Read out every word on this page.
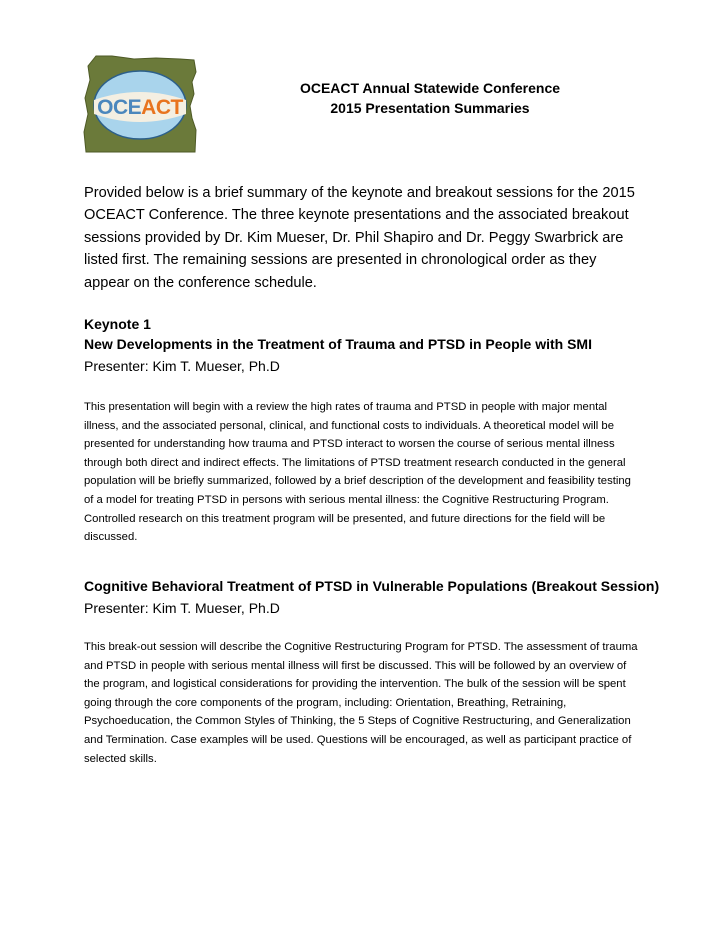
OCEACT
OCEACT Annual Statewide Conference
2015 Presentation Summaries

Provided below is a brief summary of the keynote and breakout sessions for the 2015 OCEACT Conference. The three keynote presentations and the associated breakout sessions provided by Dr. Kim Mueser, Dr. Phil Shapiro and Dr. Peggy Swarbrick are listed first. The remaining sessions are presented in chronological order as they appear on the conference schedule.

Keynote 1
New Developments in the Treatment of Trauma and PTSD in People with SMI
Presenter: Kim T. Mueser, Ph.D

This presentation will begin with a review the high rates of trauma and PTSD in people with major mental illness, and the associated personal, clinical, and functional costs to individuals. A theoretical model will be presented for understanding how trauma and PTSD interact to worsen the course of serious mental illness through both direct and indirect effects. The limitations of PTSD treatment research conducted in the general population will be briefly summarized, followed by a brief description of the development and feasibility testing of a model for treating PTSD in persons with serious mental illness: the Cognitive Restructuring Program. Controlled research on this treatment program will be presented, and future directions for the field will be discussed.

Cognitive Behavioral Treatment of PTSD in Vulnerable Populations (Breakout Session)
Presenter: Kim T. Mueser, Ph.D

This break-out session will describe the Cognitive Restructuring Program for PTSD. The assessment of trauma and PTSD in people with serious mental illness will first be discussed. This will be followed by an overview of the program, and logistical considerations for providing the intervention. The bulk of the session will be spent going through the core components of the program, including: Orientation, Breathing, Retraining, Psychoeducation, the Common Styles of Thinking, the 5 Steps of Cognitive Restructuring, and Generalization and Termination. Case examples will be used. Questions will be encouraged, as well as participant practice of selected skills.
